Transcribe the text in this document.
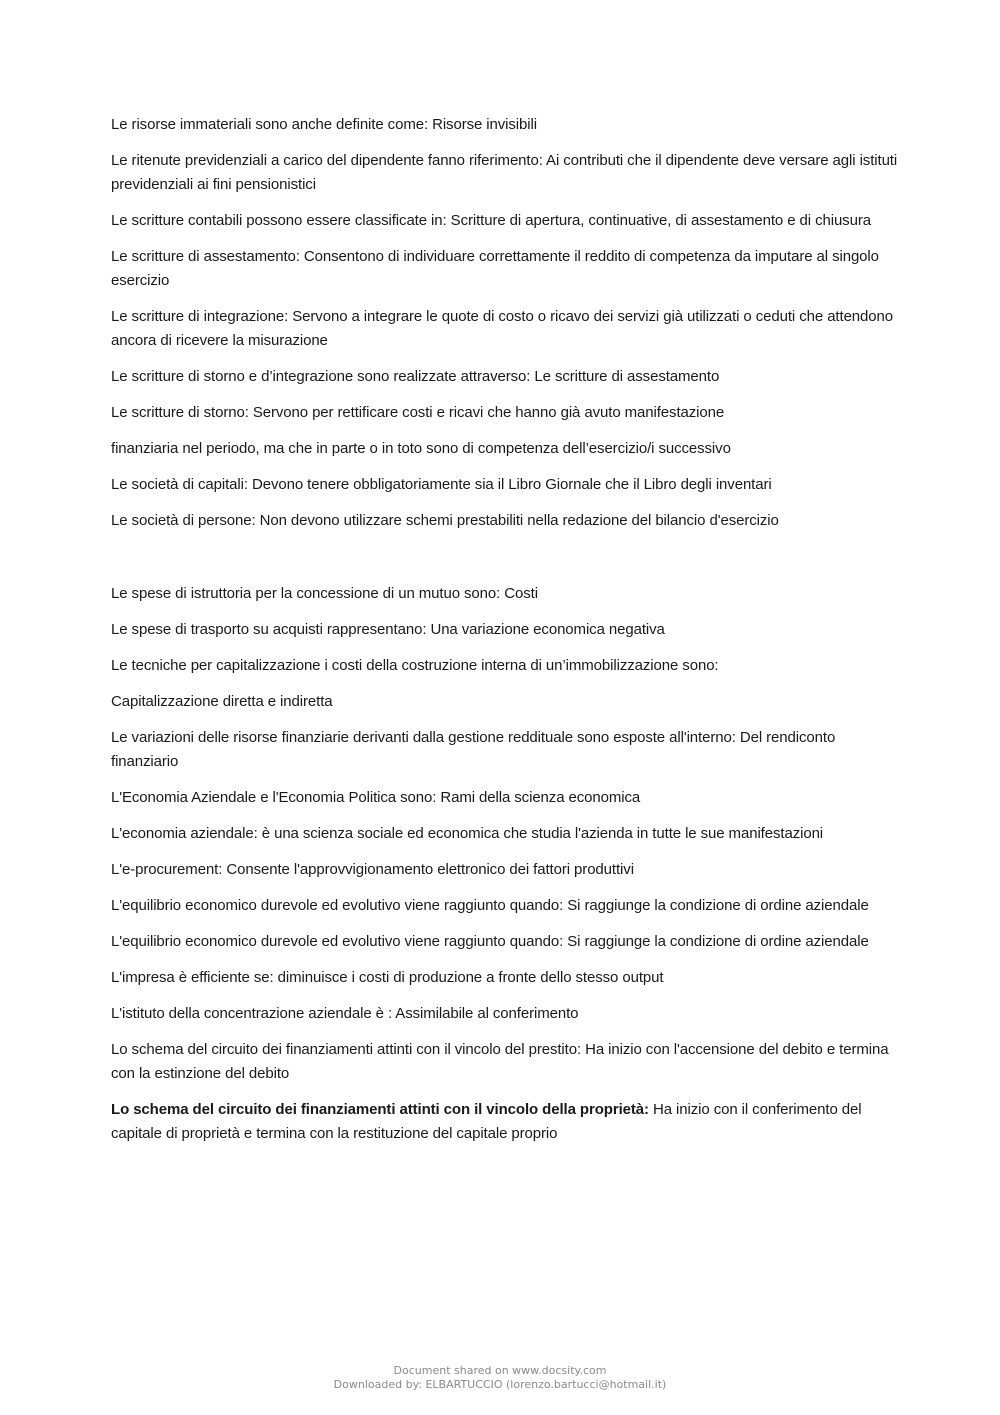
Le risorse immateriali sono anche definite come: Risorse invisibili

Le ritenute previdenziali a carico del dipendente fanno riferimento: Ai contributi che il dipendente deve versare agli istituti previdenziali ai fini pensionistici

Le scritture contabili possono essere classificate in: Scritture di apertura, continuative, di assestamento e di chiusura

Le scritture di assestamento: Consentono di individuare correttamente il reddito di competenza da imputare al singolo esercizio

Le scritture di integrazione: Servono a integrare le quote di costo o ricavo dei servizi già utilizzati o ceduti che attendono ancora di ricevere la misurazione

Le scritture di storno e d’integrazione sono realizzate attraverso: Le scritture di assestamento

Le scritture di storno: Servono per rettificare costi e ricavi che hanno già avuto manifestazione

finanziaria nel periodo, ma che in parte o in toto sono di competenza dell’esercizio/i successivo

Le società di capitali: Devono tenere obbligatoriamente sia il Libro Giornale che il Libro degli inventari

Le società di persone: Non devono utilizzare schemi prestabiliti nella redazione del bilancio d'esercizio

Le spese di istruttoria per la concessione di un mutuo sono: Costi

Le spese di trasporto su acquisti rappresentano: Una variazione economica negativa

Le tecniche per capitalizzazione i costi della costruzione interna di un’immobilizzazione sono:

Capitalizzazione diretta e indiretta

Le variazioni delle risorse finanziarie derivanti dalla gestione reddituale sono esposte all'interno: Del rendiconto finanziario

L'Economia Aziendale e l'Economia Politica sono: Rami della scienza economica

L'economia aziendale: è una scienza sociale ed economica che studia l'azienda in tutte le sue manifestazioni

L'e-procurement: Consente l'approvvigionamento elettronico dei fattori produttivi

L'equilibrio economico durevole ed evolutivo viene raggiunto quando: Si raggiunge la condizione di ordine aziendale

L'equilibrio economico durevole ed evolutivo viene raggiunto quando: Si raggiunge la condizione di ordine aziendale

L'impresa è efficiente se: diminuisce i costi di produzione a fronte dello stesso output

L'istituto della concentrazione aziendale è : Assimilabile al conferimento

Lo schema del circuito dei finanziamenti attinti con il vincolo del prestito: Ha inizio con l'accensione del debito e termina con la estinzione del debito

Lo schema del circuito dei finanziamenti attinti con il vincolo della proprietà: Ha inizio con il conferimento del capitale di proprietà e termina con la restituzione del capitale proprio

Document shared on www.docsity.com
Downloaded by: ELBARTUCCIO (lorenzo.bartucci@hotmail.it)
